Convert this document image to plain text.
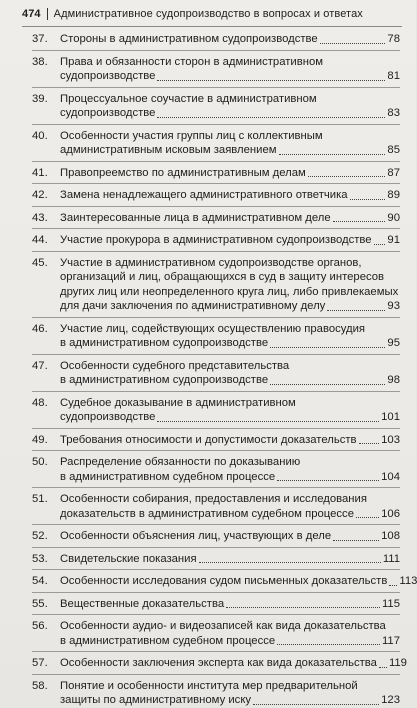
474 Административное судопроизводство в вопросах и ответах
37.	Стороны в административном судопроизводстве	78
38.	Права и обязанности сторон в административном
судопроизводстве	81
39.	Процессуальное соучастие в административном
судопроизводстве	83
40.	Особенности участия группы лиц с коллективным
административным исковым заявлением	85
41.	Правопреемство по административным делам	87
42.	Замена ненадлежащего административного ответчика	89
43.	Заинтересованные лица в административном деле	90
44.	Участие прокурора в административном судопроизводстве 91
45.	Участие в административном судопроизводстве органов,
организаций и лиц, обращающихся в суд в защиту интересов
других лиц или неопределенного круга лиц, либо привлекаемых
для дачи заключения по административному делу	93
46.	Участие лиц, содействующих осуществлению правосудия
в административном судопроизводстве	95
47.	Особенности судебного представительства
в административном судопроизводстве	98
48.	Судебное доказывание в административном
судопроизводстве	101
49.	Требования относимости и допустимости доказательств 103
50.	Распределение обязанности по доказыванию
в административном судебном процессе	104
51.	Особенности собирания, предоставления и исследования
доказательств в административном судебном процессе 106
52.	Особенности объяснения лиц, участвующих в деле	108
53.	Свидетельские показания	111
54.	Особенности исследования судом письменных доказательств 113
55.	Вещественные доказательства	115
56.	Особенности аудио- и видеозаписей как вида доказательства
в административном судебном процессе	117
57.	Особенности заключения эксперта как вида доказательства 119
58.	Понятие и особенности института мер предварительной
защиты по административному иску	123
